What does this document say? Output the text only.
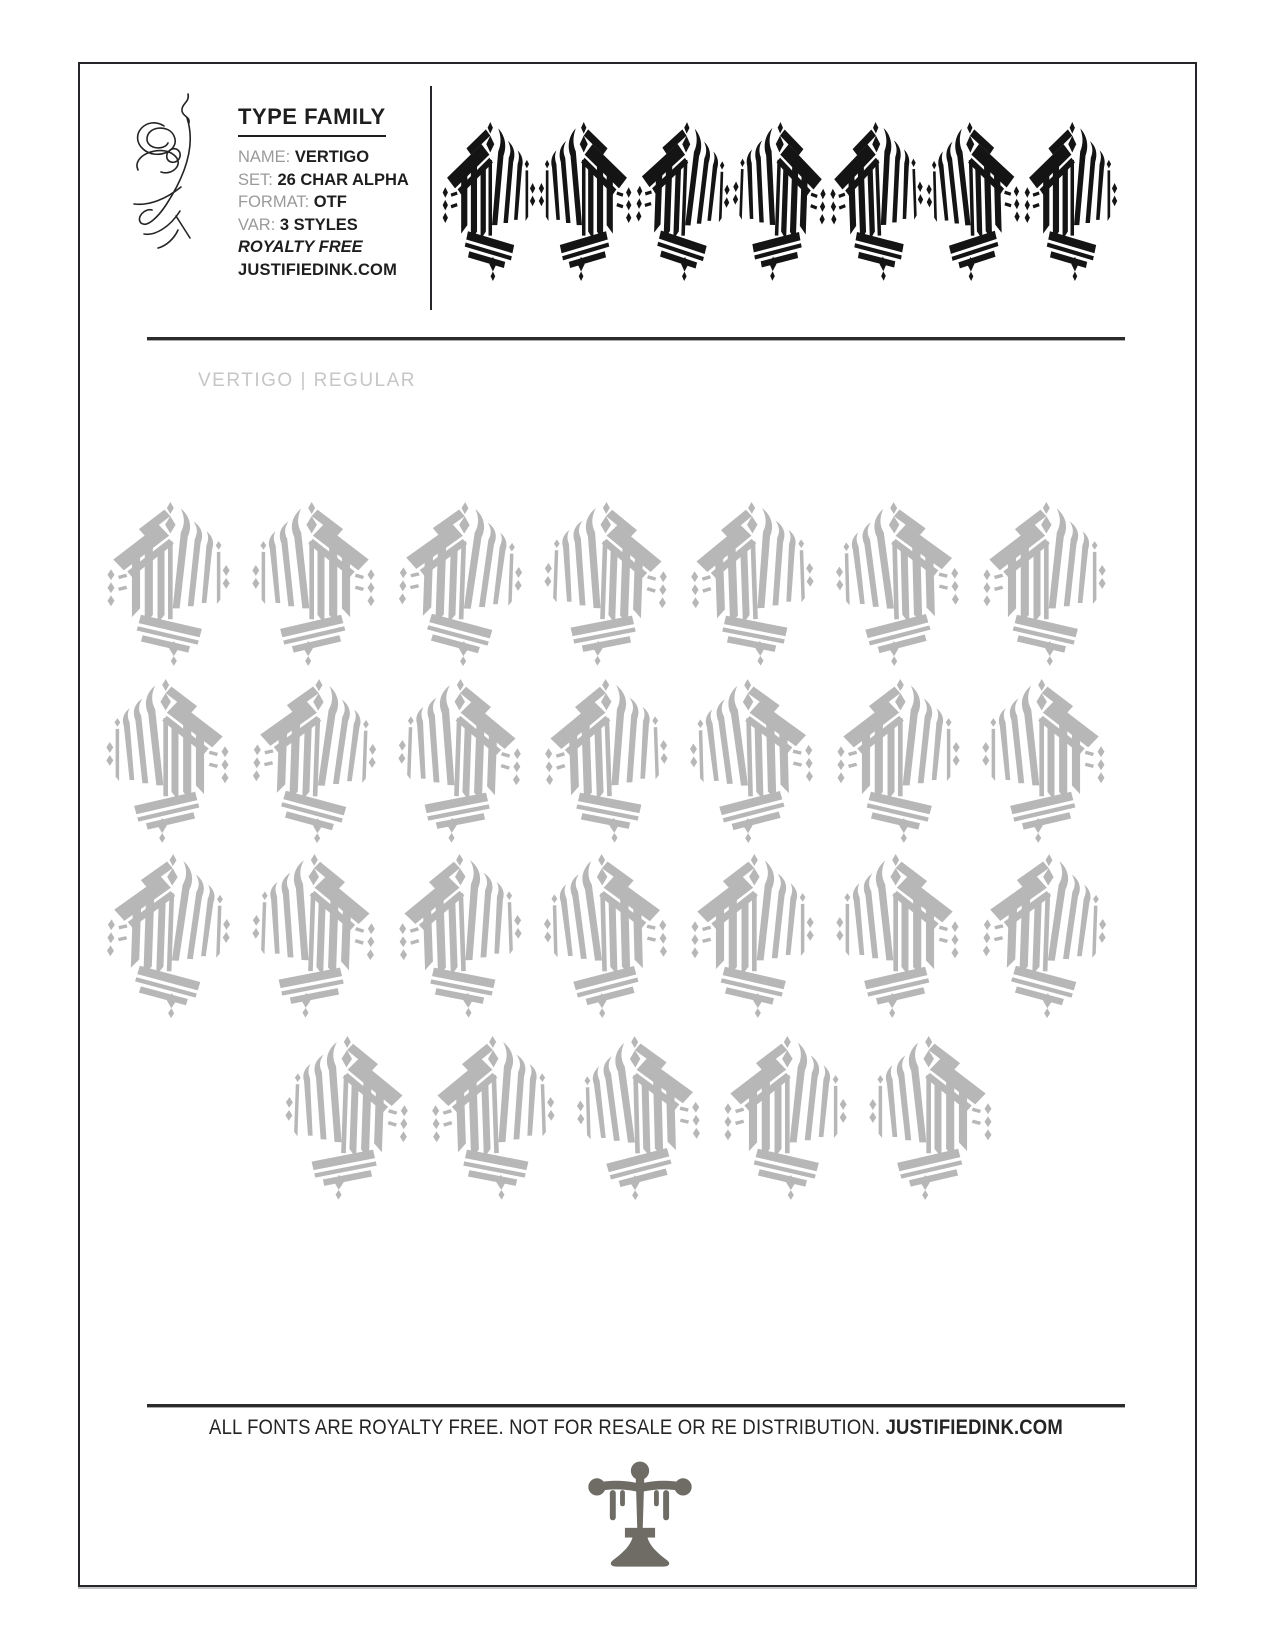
TYPE FAMILY
NAME: VERTIGO
SET: 26 CHAR ALPHA
FORMAT: OTF
VAR: 3 STYLES
ROYALTY FREE
JUSTIFIEDINK.COM
VERTIGO | REGULAR
ALL FONTS ARE ROYALTY FREE. NOT FOR RESALE OR RE DISTRIBUTION. JUSTIFIEDINK.COM
